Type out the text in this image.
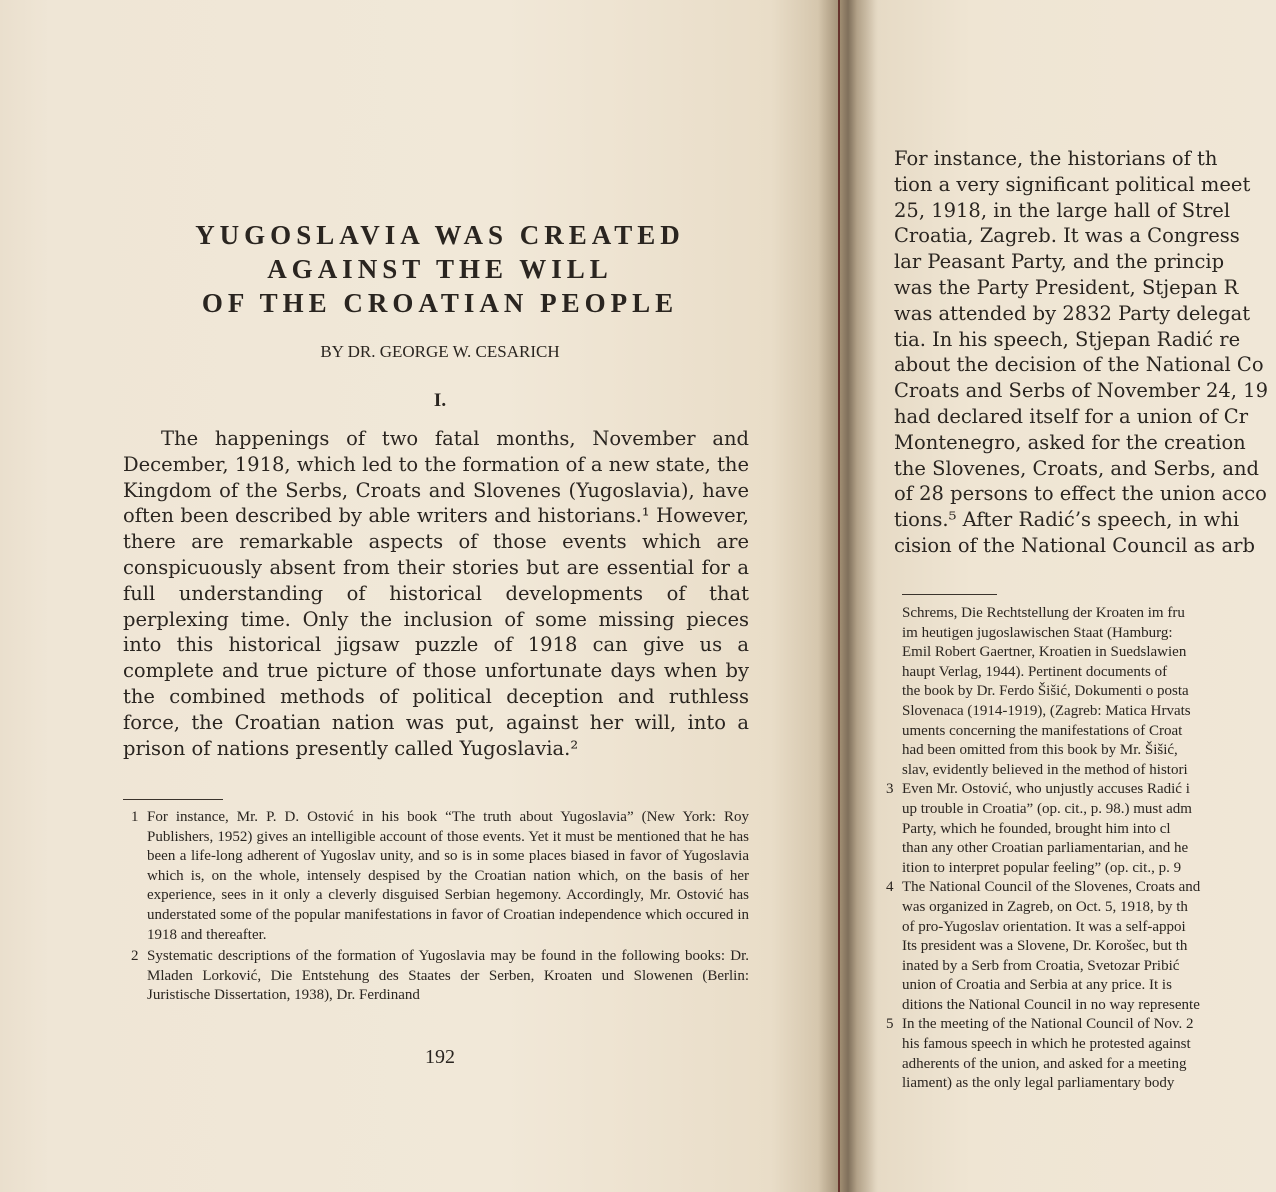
YUGOSLAVIA WAS CREATED
AGAINST THE WILL
OF THE CROATIAN PEOPLE
BY DR. GEORGE W. CESARICH
I.

The happenings of two fatal months, November and December, 1918, which led to the formation of a new state, the Kingdom of the Serbs, Croats and Slovenes (Yugoslavia), have often been described by able writers and historians.¹ However, there are remarkable aspects of those events which are conspicuously absent from their stories but are essential for a full understanding of historical developments of that perplexing time. Only the inclusion of some missing pieces into this historical jigsaw puzzle of 1918 can give us a complete and true picture of those unfortunate days when by the combined methods of political deception and ruthless force, the Croatian nation was put, against her will, into a prison of nations presently called Yugoslavia.²

1 For instance, Mr. P. D. Ostović in his book “The truth about Yugoslavia” (New York: Roy Publishers, 1952) gives an intelligible account of those events. Yet it must be mentioned that he has been a life-long adherent of Yugoslav unity, and so is in some places biased in favor of Yugoslavia which is, on the whole, intensely despised by the Croatian nation which, on the basis of her experience, sees in it only a cleverly disguised Serbian hegemony. Accordingly, Mr. Ostović has understated some of the popular manifestations in favor of Croatian independence which occured in 1918 and thereafter.
2 Systematic descriptions of the formation of Yugoslavia may be found in the following books: Dr. Mladen Lorković, Die Entstehung des Staates der Serben, Kroaten und Slowenen (Berlin: Juristische Dissertation, 1938), Dr. Ferdinand
192
For instance, the historians of th
tion a very significant political meet
25, 1918, in the large hall of Strel
Croatia, Zagreb. It was a Congress
lar Peasant Party, and the princip
was the Party President, Stjepan R
was attended by 2832 Party delegat
tia. In his speech, Stjepan Radić re
about the decision of the National Co
Croats and Serbs of November 24, 19
had declared itself for a union of Cr
Montenegro, asked for the creation
the Slovenes, Croats, and Serbs, and
of 28 persons to effect the union acco
tions.⁵ After Radić’s speech, in whi
cision of the National Council as arb
Schrems, Die Rechtstellung der Kroaten im fru
im heutigen jugoslawischen Staat (Hamburg:
Emil Robert Gaertner, Kroatien in Suedslawien
haupt Verlag, 1944). Pertinent documents of
the book by Dr. Ferdo Šišić, Dokumenti o posta
Slovenaca (1914-1919), (Zagreb: Matica Hrvats
uments concerning the manifestations of Croat
had been omitted from this book by Mr. Šišić,
slav, evidently believed in the method of histori
3 Even Mr. Ostović, who unjustly accuses Radić i
up trouble in Croatia” (op. cit., p. 98.) must adm
Party, which he founded, brought him into cl
than any other Croatian parliamentarian, and he
ition to interpret popular feeling” (op. cit., p. 9
4 The National Council of the Slovenes, Croats and
was organized in Zagreb, on Oct. 5, 1918, by th
of pro-Yugoslav orientation. It was a self-appoi
Its president was a Slovene, Dr. Korošec, but th
inated by a Serb from Croatia, Svetozar Pribić
union of Croatia and Serbia at any price. It is
ditions the National Council in no way represente
5 In the meeting of the National Council of Nov. 2
his famous speech in which he protested against
adherents of the union, and asked for a meeting
liament) as the only legal parliamentary body
